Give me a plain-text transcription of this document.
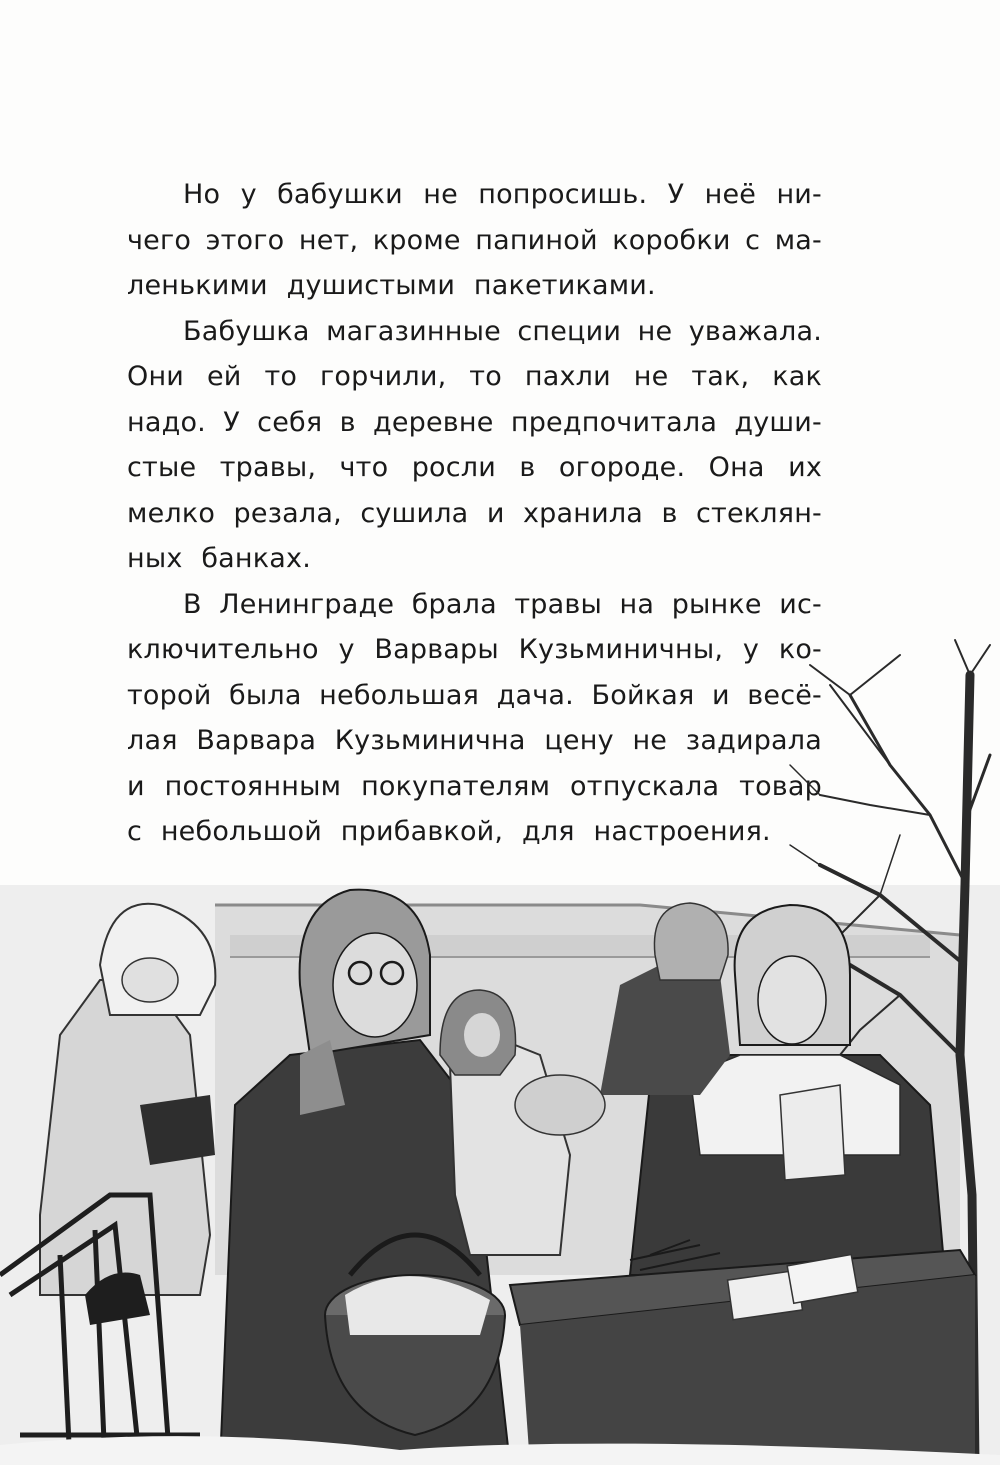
Но у бабушки не попросишь. У неё ни-
чего этого нет, кроме папиной коробки с ма-
ленькими душистыми пакетиками.
Бабушка магазинные специи не уважала.
Они ей то горчили, то пахли не так, как
надо. У себя в деревне предпочитала души-
стые травы, что росли в огороде. Она их
мелко резала, сушила и хранила в стеклян-
ных банках.
В Ленинграде брала травы на рынке ис-
ключительно у Варвары Кузьминичны, у ко-
торой была небольшая дача. Бойкая и весё-
лая Варвара Кузьминична цену не задирала
и постоянным покупателям отпускала товар
с небольшой прибавкой, для настроения.
